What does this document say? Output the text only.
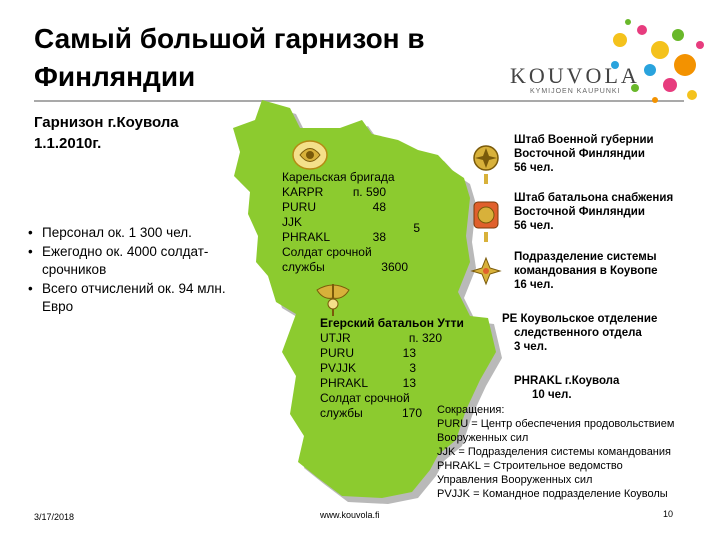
Самый большой гарнизон в Финляндии	KOUVOLA
KYMIJOEN KAUPUNKI
Гарнизон г.Коувола
1.1.2010г.
• Персонал ок. 1 300 чел.
• Ежегодно ок. 4000 солдат-срочников
• Всего отчислений ок. 94 млн. Евро
Карельская бригада
KARPR п. 590
PURU	48
JJK	5
PHRAKL	38
Солдат срочной
службы	3600
Егерский батальон Утти
UTJR	п. 320
PURU	13
PVJJK	3
PHRAKL	13
Солдат срочной
службы	170
Штаб Военной губернии
Восточной Финляндии
56 чел.
Штаб батальона снабжения
Восточной Финляндии
56 чел.
Подразделение системы
командования в Коувопе
16 чел.
PE Коувольское отделение
следственного отдела
3 чел.
PHRAKL г.Коувола
10 чел.
Сокращения:
PURU = Центр обеспечения продовольствием
Вооруженных сил
JJK = Подразделения системы командования
PHRAKL = Строительное ведомство
Управления Вооруженных сил
PVJJK = Командное подразделение Коуволы
3/17/2018	www.kouvola.fi	10
